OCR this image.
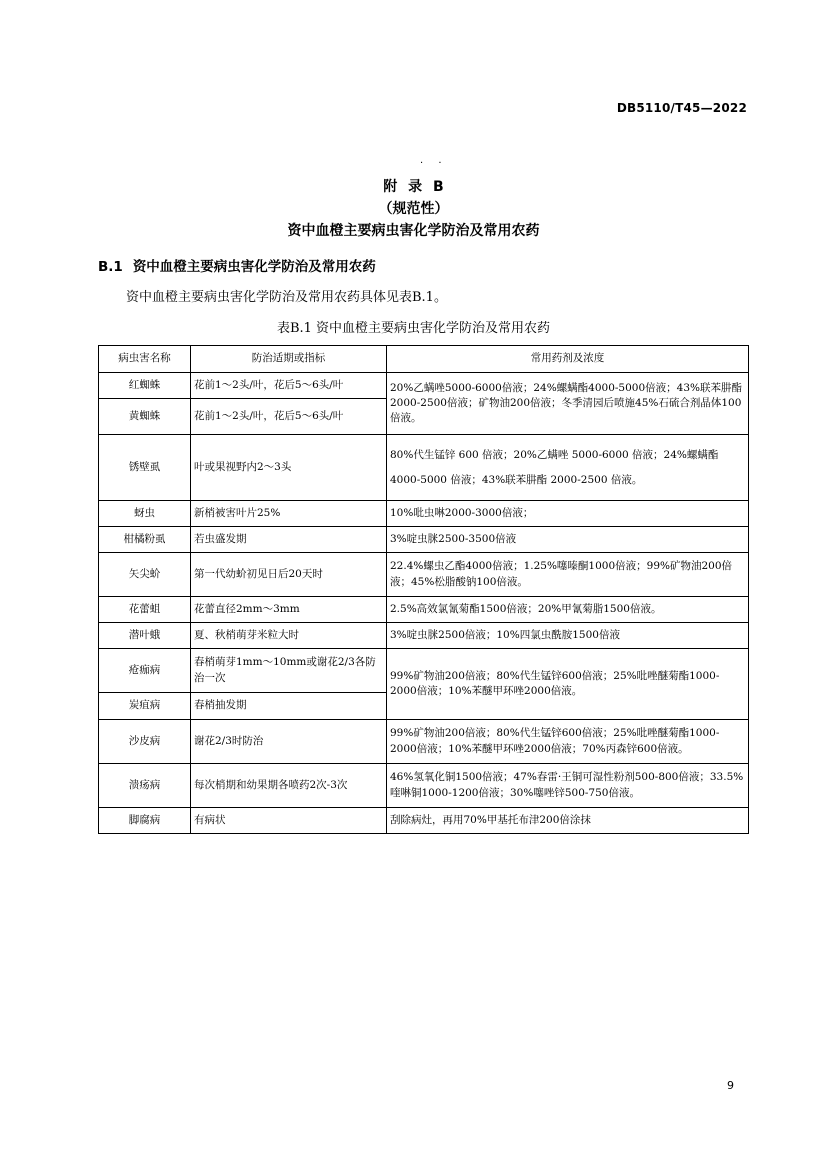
DB5110/T45—2022
· ·
附 录 B
（规范性）
资中血橙主要病虫害化学防治及常用农药
B.1 资中血橙主要病虫害化学防治及常用农药
资中血橙主要病虫害化学防治及常用农药具体见表B.1。
表B.1 资中血橙主要病虫害化学防治及常用农药
病虫害名称	防治适期或指标	常用药剂及浓度
红蜘蛛	花前1～2头/叶，花后5～6头/叶	20%乙螨唑5000-6000倍液；24%螺螨酯4000-5000倍液；43%联苯肼酯2000-2500倍液；矿物油200倍液；冬季清园后喷施45%石硫合剂晶体100倍液。
黄蜘蛛	花前1～2头/叶，花后5～6头/叶	
锈壁虱	叶或果视野内2～3头	80%代生锰锌 600 倍液；20%乙螨唑 5000-6000 倍液；24%螺螨酯4000-5000 倍液；43%联苯肼酯 2000-2500 倍液。
蚜虫	新梢被害叶片25%	10%吡虫啉2000-3000倍液；
柑橘粉虱	若虫盛发期	3%啶虫脒2500-3500倍液
矢尖蚧	第一代幼蚧初见日后20天时	22.4%螺虫乙酯4000倍液；1.25%噻嗪酮1000倍液；99%矿物油200倍液；45%松脂酸钠100倍液。
花蕾蛆	花蕾直径2mm～3mm	2.5%高效氯氰菊酯1500倍液；20%甲氰菊脂1500倍液。
潜叶蛾	夏、秋梢萌芽米粒大时	3%啶虫脒2500倍液；10%四氯虫酰胺1500倍液
疮痂病	春梢萌芽1mm～10mm或谢花2/3各防治一次	99%矿物油200倍液；80%代生锰锌600倍液；25%吡唑醚菊酯1000-2000倍液；10%苯醚甲环唑2000倍液。
炭疽病	春梢抽发期	
沙皮病	谢花2/3时防治	99%矿物油200倍液；80%代生锰锌600倍液；25%吡唑醚菊酯1000-2000倍液；10%苯醚甲环唑2000倍液；70%丙森锌600倍液。
溃疡病	每次梢期和幼果期各喷药2次-3次	46%氢氧化铜1500倍液；47%春雷·王铜可湿性粉剂500-800倍液；33.5%喹啉铜1000-1200倍液；30%噻唑锌500-750倍液。
脚腐病	有病状	刮除病灶，再用70%甲基托布津200倍涂抹
9
